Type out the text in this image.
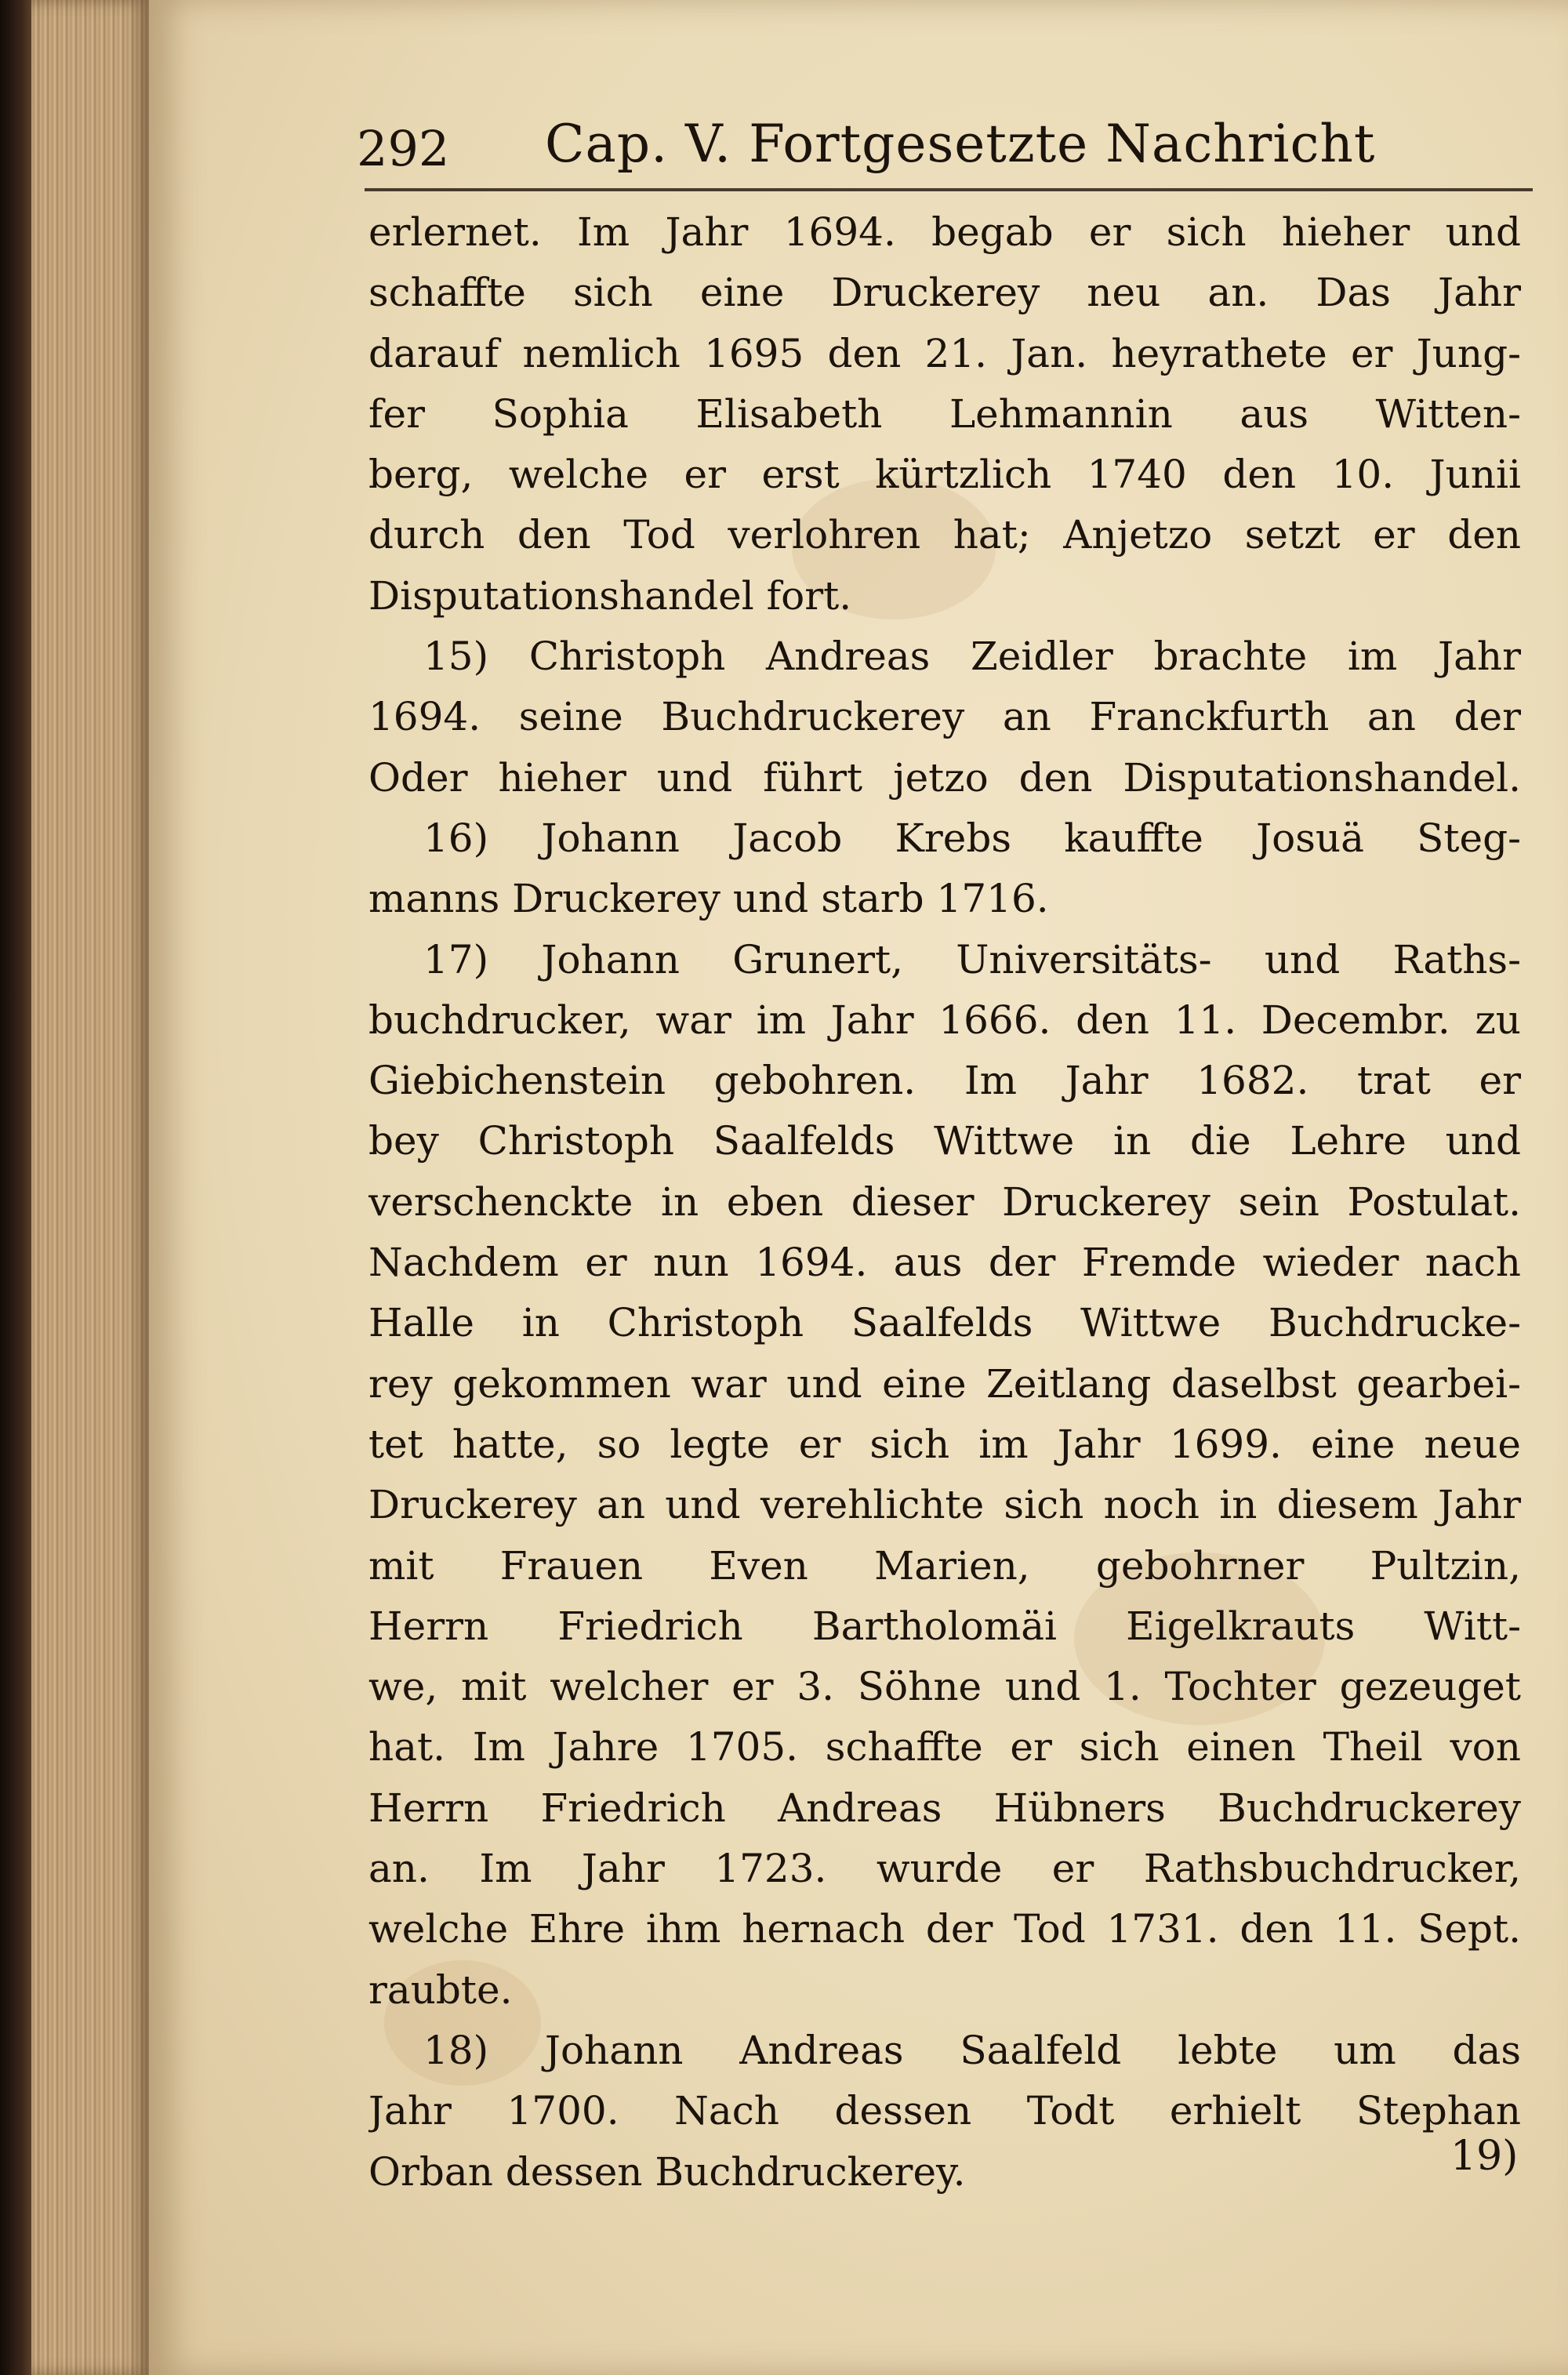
292 Cap. V. Fortgesetzte Nachricht
erlernet. Im Jahr 1694. begab er sich hieher und
schaffte sich eine Druckerey neu an. Das Jahr
darauf nemlich 1695 den 21. Jan. heyrathete er Jung-
fer Sophia Elisabeth Lehmannin aus Witten-
berg, welche er erst kürtzlich 1740 den 10. Junii
durch den Tod verlohren hat; Anjetzo setzt er den
Disputationshandel fort.
15) Christoph Andreas Zeidler brachte im Jahr
1694. seine Buchdruckerey an Franckfurth an der
Oder hieher und führt jetzo den Disputationshandel.
16) Johann Jacob Krebs kauffte Josuä Steg-
manns Druckerey und starb 1716.
17) Johann Grunert, Universitäts- und Raths-
buchdrucker, war im Jahr 1666. den 11. Decembr. zu
Giebichenstein gebohren. Im Jahr 1682. trat er
bey Christoph Saalfelds Wittwe in die Lehre und
verschenckte in eben dieser Druckerey sein Postulat.
Nachdem er nun 1694. aus der Fremde wieder nach
Halle in Christoph Saalfelds Wittwe Buchdrucke-
rey gekommen war und eine Zeitlang daselbst gearbei-
tet hatte, so legte er sich im Jahr 1699. eine neue
Druckerey an und verehlichte sich noch in diesem Jahr
mit Frauen Even Marien, gebohrner Pultzin,
Herrn Friedrich Bartholomäi Eigelkrauts Witt-
we, mit welcher er 3. Söhne und 1. Tochter gezeuget
hat. Im Jahre 1705. schaffte er sich einen Theil von
Herrn Friedrich Andreas Hübners Buchdruckerey
an. Im Jahr 1723. wurde er Rathsbuchdrucker,
welche Ehre ihm hernach der Tod 1731. den 11. Sept.
raubte.
18) Johann Andreas Saalfeld lebte um das
Jahr 1700. Nach dessen Todt erhielt Stephan
Orban dessen Buchdruckerey.	19)
